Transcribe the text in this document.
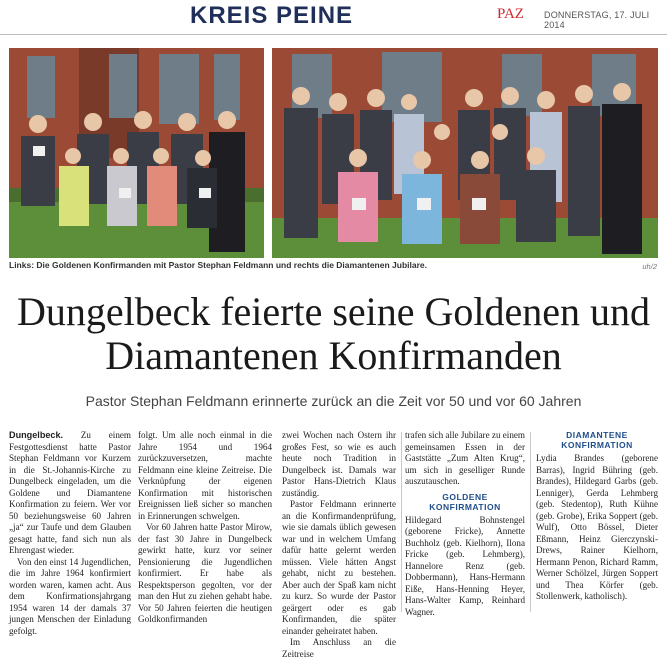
KREIS PEINE	PAZ DONNERSTAG, 17. JULI 2014
Links: Die Goldenen Konfirmanden mit Pastor Stephan Feldmann und rechts die Diamantenen Jubilare.	uh/2
Dungelbeck feierte seine Goldenen und
Diamantenen Konfirmanden
Pastor Stephan Feldmann erinnerte zurück an die Zeit vor 50 und vor 60 Jahren

Dungelbeck. Zu einem Festgottesdienst hatte Pastor Stephan Feldmann vor Kurzem in die St.-Johannis-Kirche zu Dungelbeck eingeladen, um die Goldene und Diamantene Konfirmation zu feiern. Wer vor 50 beziehungsweise 60 Jahren „ja“ zur Taufe und dem Glauben gesagt hatte, fand sich nun als Ehrengast wieder.

Von den einst 14 Jugendlichen, die im Jahre 1964 konfirmiert worden waren, kamen acht. Aus dem Konfirmationsjahrgang 1954 waren 14 der damals 37 jungen Menschen der Einladung gefolgt.

folgt. Um alle noch einmal in die Jahre 1954 und 1964 zurückzuversetzen, machte Feldmann eine kleine Zeitreise. Die Verknüpfung der eigenen Konfirmation mit historischen Ereignissen ließ sicher so manchen in Erinnerungen schwelgen.

Vor 60 Jahren hatte Pastor Mirow, der fast 30 Jahre in Dungelbeck gewirkt hatte, kurz vor seiner Pensionierung die Jugendlichen konfirmiert. Er habe als Respektsperson gegolten, vor der man den Hut zu ziehen gehabt habe. Vor 50 Jahren feierten die heutigen Goldkonfirmanden

zwei Wochen nach Ostern ihr großes Fest, so wie es auch heute noch Tradition in Dungelbeck ist. Damals war Pastor Hans-Dietrich Klaus zuständig.

Pastor Feldmann erinnerte an die Konfirmandenprüfung, wie sie damals üblich gewesen war und in welchem Umfang dafür hatte gelernt werden müssen. Viele hätten Angst gehabt, nicht zu bestehen. Aber auch der Spaß kam nicht zu kurz. So wurde der Pastor geärgert oder es gab Konfirmanden, die später einander geheiratet haben.

Im Anschluss an die Zeitreise

trafen sich alle Jubilare zu einem gemeinsamen Essen in der Gaststätte „Zum Alten Krug“, um sich in geselliger Runde auszutauschen.

GOLDENE
KONFIRMATION

Hildegard Bohnstengel (geborene Fricke), Annette Buchholz (geb. Kielhorn), Ilona Fricke (geb. Lehmberg), Hannelore Renz (geb. Dobbermann), Hans-Hermann Eiße, Hans-Henning Heyer, Hans-Walter Kamp, Reinhard Wagner.

DIAMANTENE
KONFIRMATION

Lydia Brandes (geborene Barras), Ingrid Bühring (geb. Brandes), Hildegard Garbs (geb. Lenniger), Gerda Lehmberg (geb. Stedentop), Ruth Kühne (geb. Grobe), Erika Soppert (geb. Wulf), Otto Bössel, Dieter Eßmann, Heinz Gierczynski-Drews, Rainer Kielhorn, Hermann Penon, Richard Ramm, Werner Schölzel, Jürgen Soppert und Thea Körfer (geb. Stollenwerk, katholisch).
